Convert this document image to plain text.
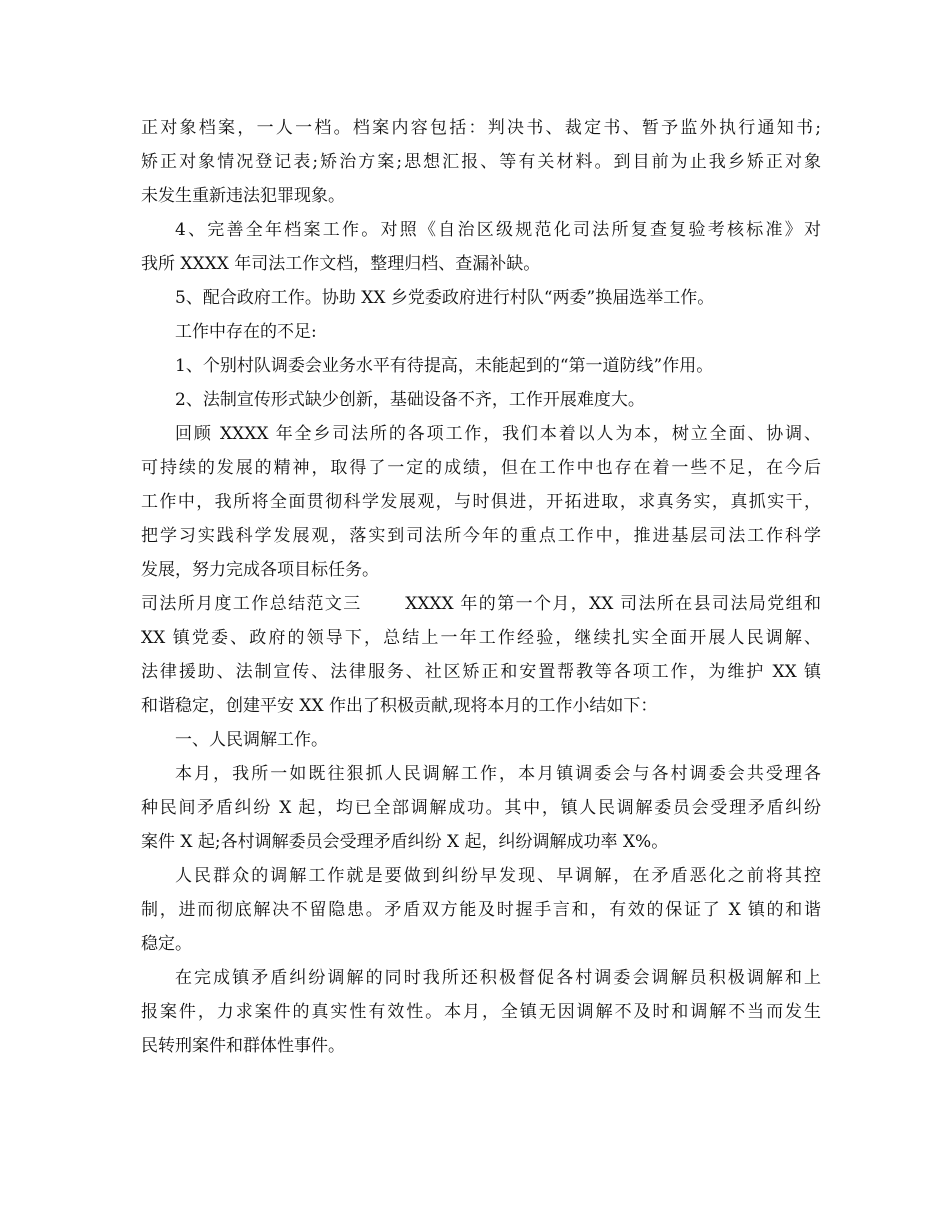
正对象档案，一人一档。档案内容包括：判决书、裁定书、暂予监外执行通知书;
矫正对象情况登记表;矫治方案;思想汇报、等有关材料。到目前为止我乡矫正对象
未发生重新违法犯罪现象。
4、完善全年档案工作。对照《自治区级规范化司法所复查复验考核标准》对
我所 XXXX 年司法工作文档，整理归档、查漏补缺。
5、配合政府工作。协助 XX 乡党委政府进行村队“两委”换届选举工作。
工作中存在的不足:
1、个别村队调委会业务水平有待提高，未能起到的“第一道防线”作用。
2、法制宣传形式缺少创新，基础设备不齐，工作开展难度大。
回顾 XXXX 年全乡司法所的各项工作，我们本着以人为本，树立全面、协调、
可持续的发展的精神，取得了一定的成绩，但在工作中也存在着一些不足，在今后
工作中，我所将全面贯彻科学发展观，与时俱进，开拓进取，求真务实，真抓实干，
把学习实践科学发展观，落实到司法所今年的重点工作中，推进基层司法工作科学
发展，努力完成各项目标任务。
司法所月度工作总结范文三　　 XXXX 年的第一个月，XX 司法所在县司法局党组和
XX 镇党委、政府的领导下，总结上一年工作经验，继续扎实全面开展人民调解、
法律援助、法制宣传、法律服务、社区矫正和安置帮教等各项工作，为维护 XX 镇
和谐稳定，创建平安 XX 作出了积极贡献,现将本月的工作小结如下：
一、人民调解工作。
本月，我所一如既往狠抓人民调解工作，本月镇调委会与各村调委会共受理各
种民间矛盾纠纷 X 起，均已全部调解成功。其中，镇人民调解委员会受理矛盾纠纷
案件 X 起;各村调解委员会受理矛盾纠纷 X 起，纠纷调解成功率 X%。
人民群众的调解工作就是要做到纠纷早发现、早调解，在矛盾恶化之前将其控
制，进而彻底解决不留隐患。矛盾双方能及时握手言和，有效的保证了 X 镇的和谐
稳定。
在完成镇矛盾纠纷调解的同时我所还积极督促各村调委会调解员积极调解和上
报案件，力求案件的真实性有效性。本月，全镇无因调解不及时和调解不当而发生
民转刑案件和群体性事件。
